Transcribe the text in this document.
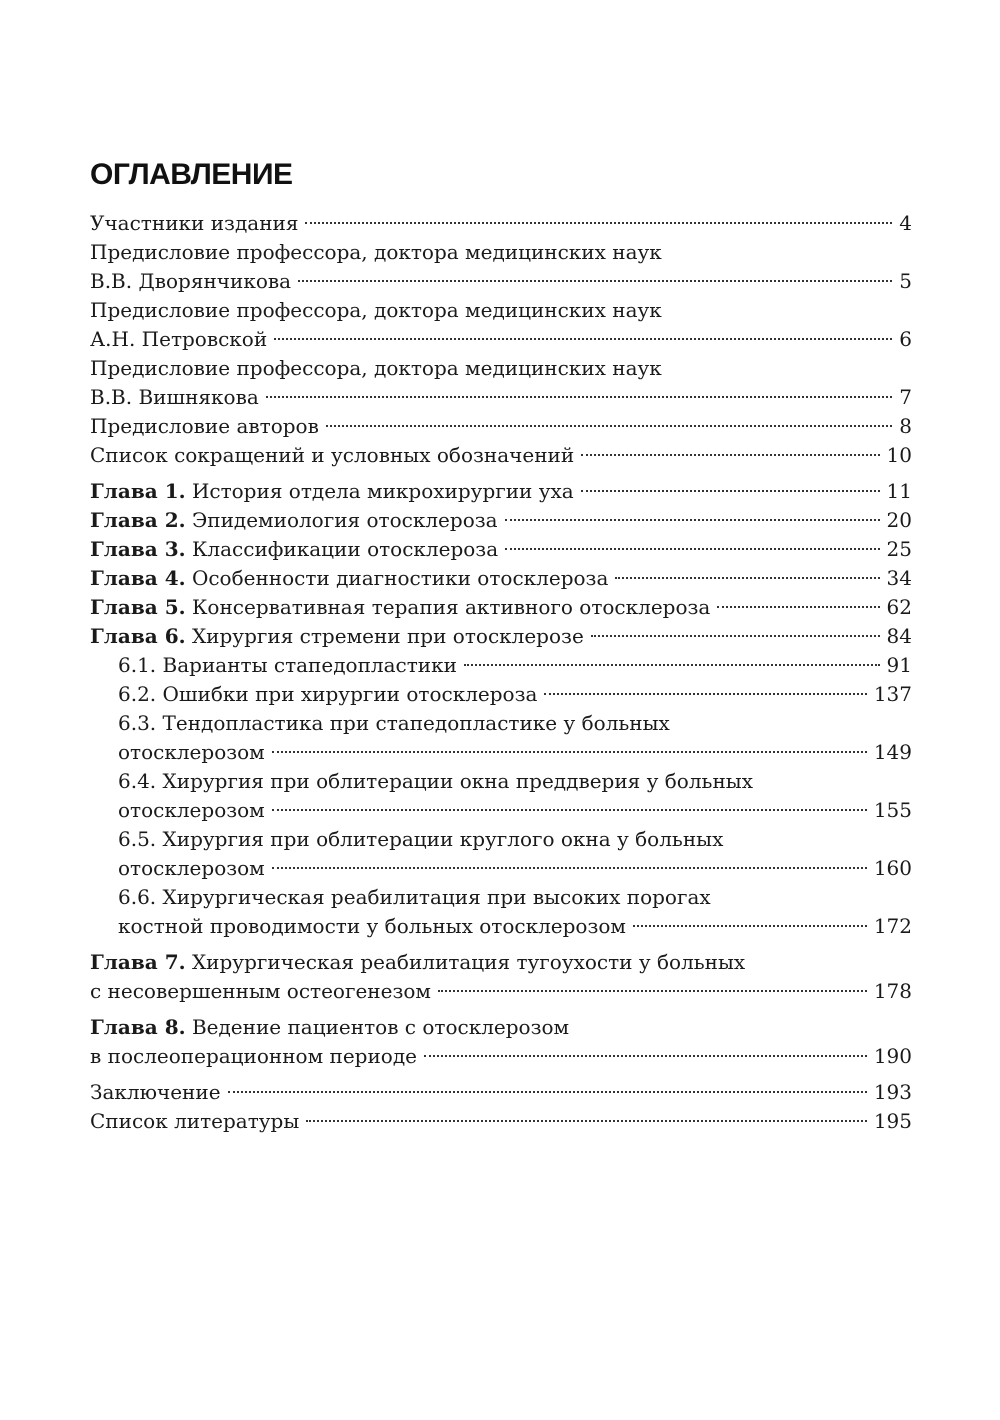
ОГЛАВЛЕНИЕ
Участники издания	4
Предисловие профессора, доктора медицинских наук
В.В. Дворянчикова	5
Предисловие профессора, доктора медицинских наук
А.Н. Петровской	6
Предисловие профессора, доктора медицинских наук
В.В. Вишнякова	7
Предисловие авторов	8
Список сокращений и условных обозначений	10
Глава 1. История отдела микрохирургии уха	11
Глава 2. Эпидемиология отосклероза	20
Глава 3. Классификации отосклероза	25
Глава 4. Особенности диагностики отосклероза	34
Глава 5. Консервативная терапия активного отосклероза	62
Глава 6. Хирургия стремени при отосклерозе	84
6.1. Варианты стапедопластики	91
6.2. Ошибки при хирургии отосклероза	137
6.3. Тендопластика при стапедопластике у больных
отосклерозом	149
6.4. Хирургия при облитерации окна преддверия у больных
отосклерозом	155
6.5. Хирургия при облитерации круглого окна у больных
отосклерозом	160
6.6. Хирургическая реабилитация при высоких порогах
костной проводимости у больных отосклерозом	172
Глава 7. Хирургическая реабилитация тугоухости у больных
с несовершенным остеогенезом	178
Глава 8. Ведение пациентов с отосклерозом
в послеоперационном периоде	190
Заключение	193
Список литературы	195
